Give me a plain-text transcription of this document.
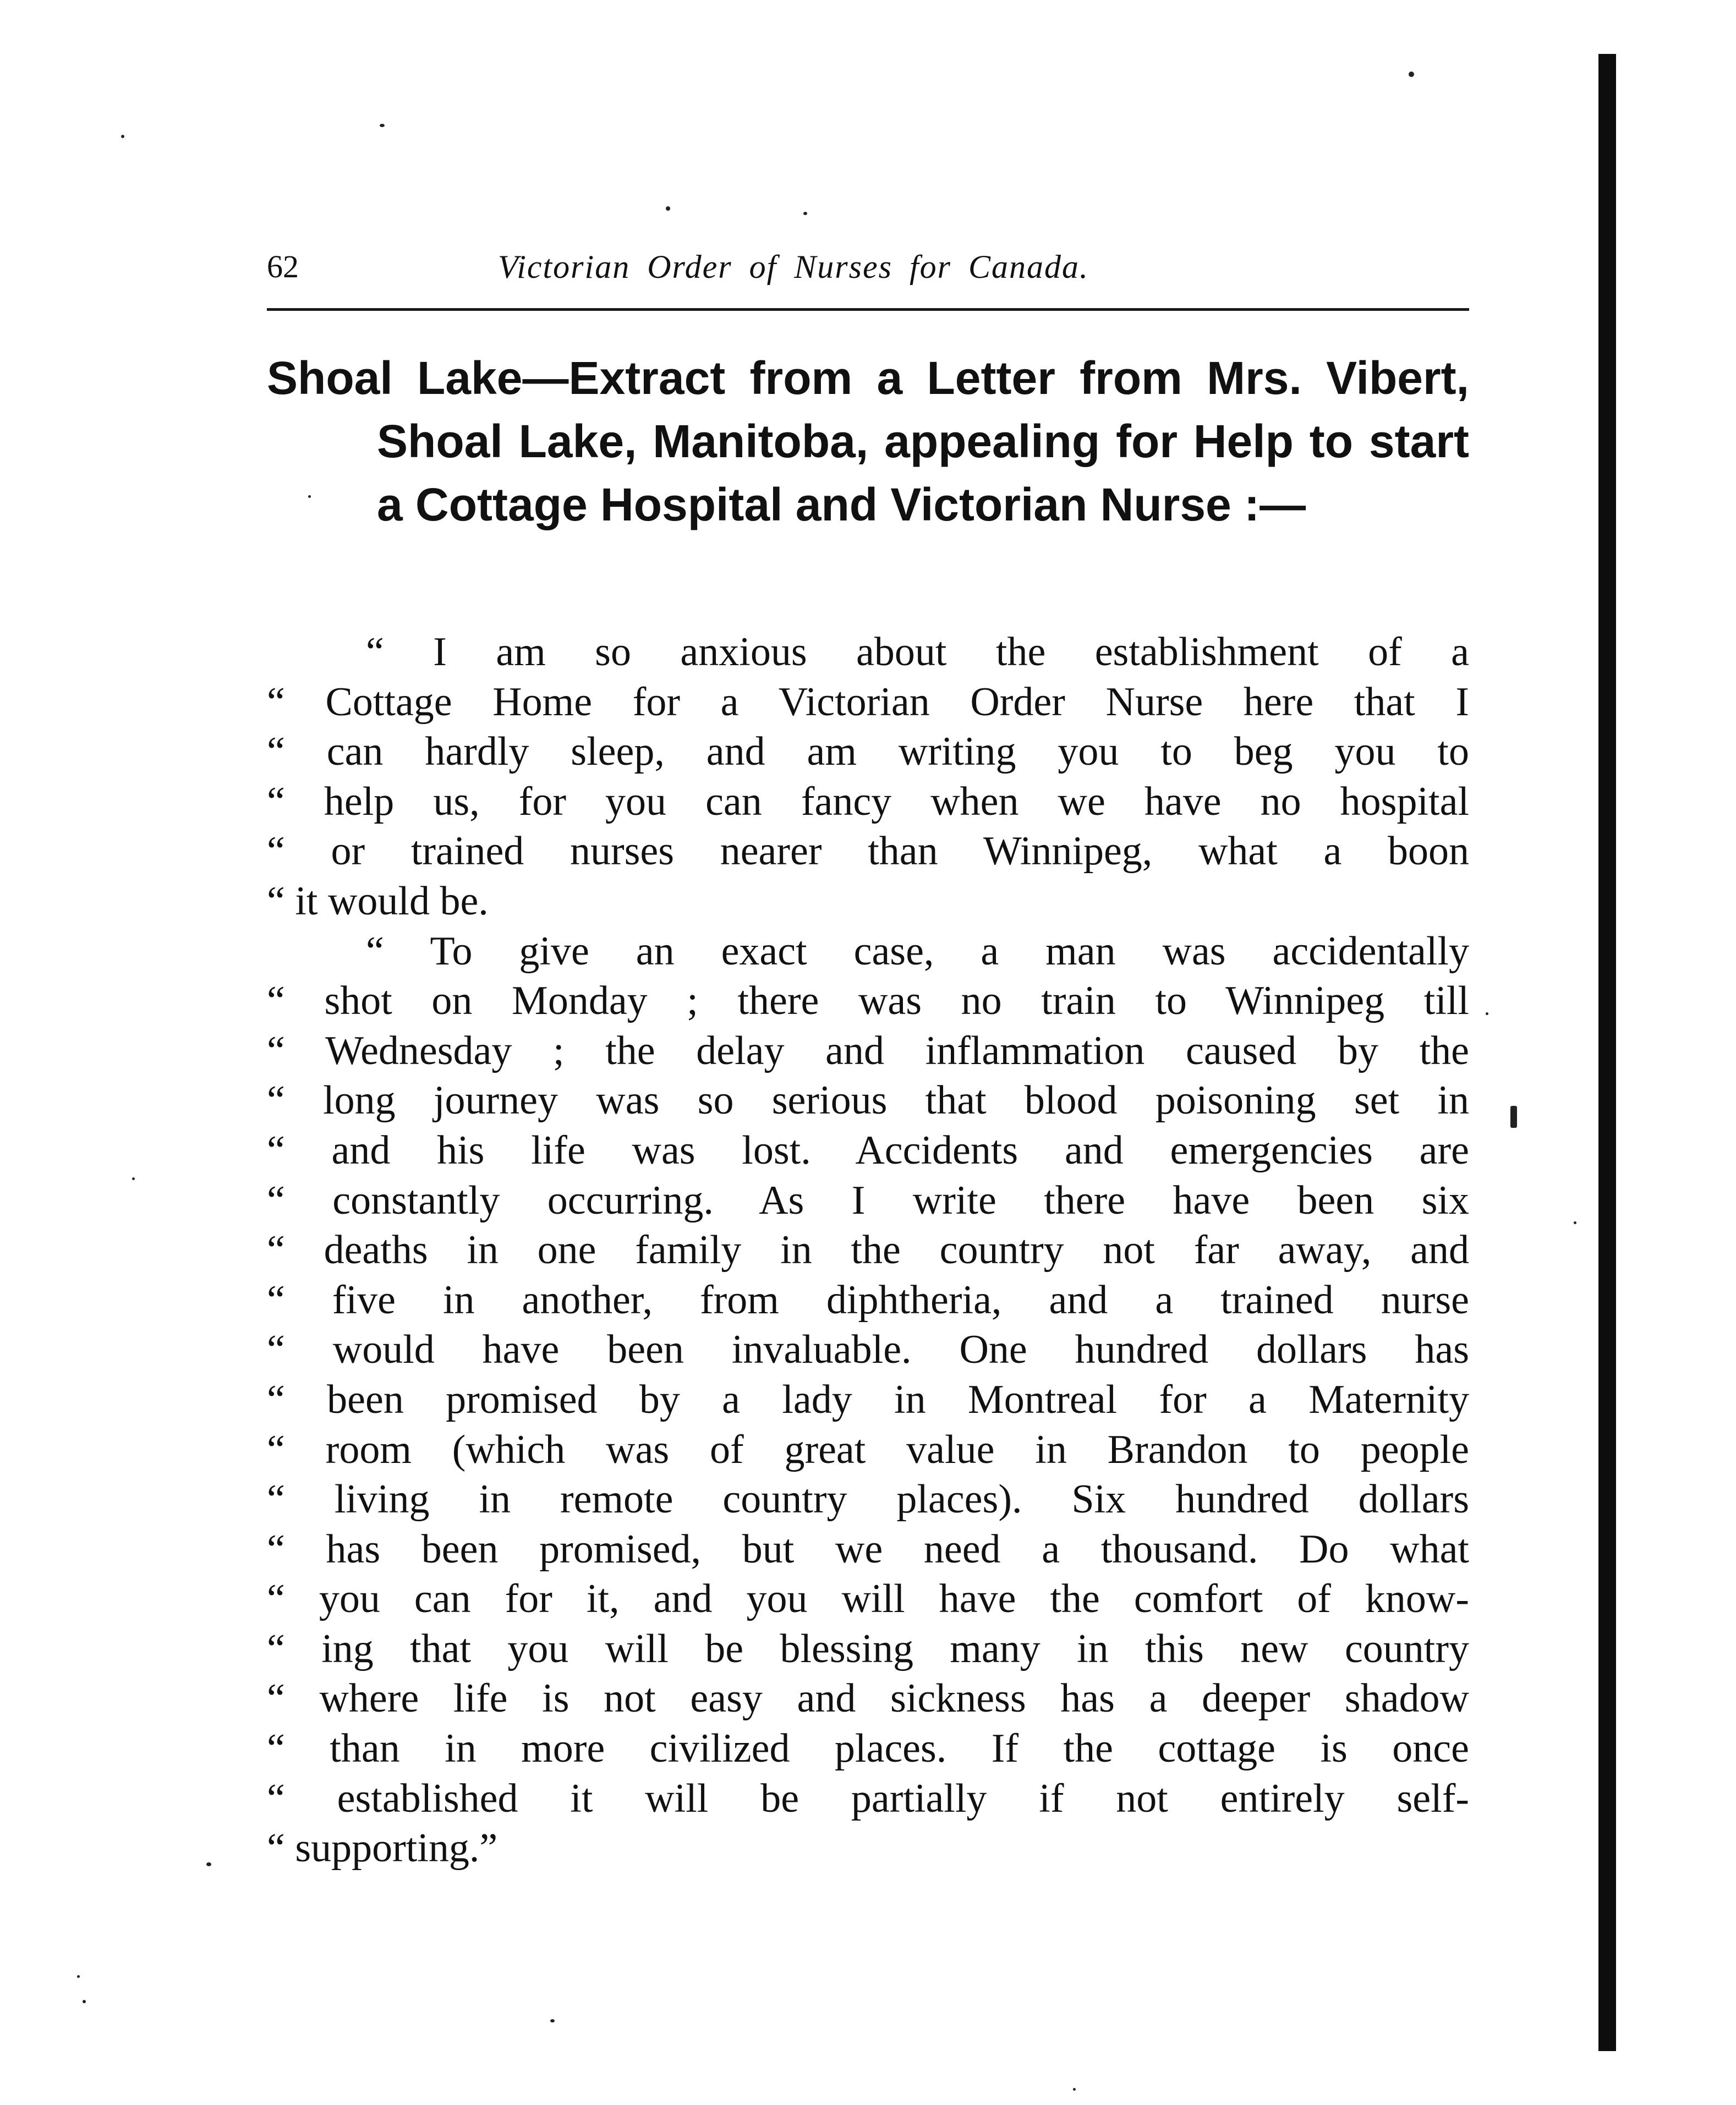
62	Victorian Order of Nurses for Canada.
Shoal Lake—Extract from a Letter from Mrs. Vibert, Shoal Lake, Manitoba, appealing for Help to start a Cottage Hospital and Victorian Nurse :—

“ I am so anxious about the establishment of a
“ Cottage Home for a Victorian Order Nurse here that I
“ can hardly sleep, and am writing you to beg you to
“ help us, for you can fancy when we have no hospital
“ or trained nurses nearer than Winnipeg, what a boon
“ it would be.

“ To give an exact case, a man was accidentally
“ shot on Monday ; there was no train to Winnipeg till
“ Wednesday ; the delay and inflammation caused by the
“ long journey was so serious that blood poisoning set in
“ and his life was lost. Accidents and emergencies are
“ constantly occurring. As I write there have been six
“ deaths in one family in the country not far away, and
“ five in another, from diphtheria, and a trained nurse
“ would have been invaluable. One hundred dollars has
“ been promised by a lady in Montreal for a Maternity
“ room (which was of great value in Brandon to people
“ living in remote country places). Six hundred dollars
“ has been promised, but we need a thousand. Do what
“ you can for it, and you will have the comfort of know-
“ ing that you will be blessing many in this new country
“ where life is not easy and sickness has a deeper shadow
“ than in more civilized places. If the cottage is once
“ established it will be partially if not entirely self-
“ supporting.”
